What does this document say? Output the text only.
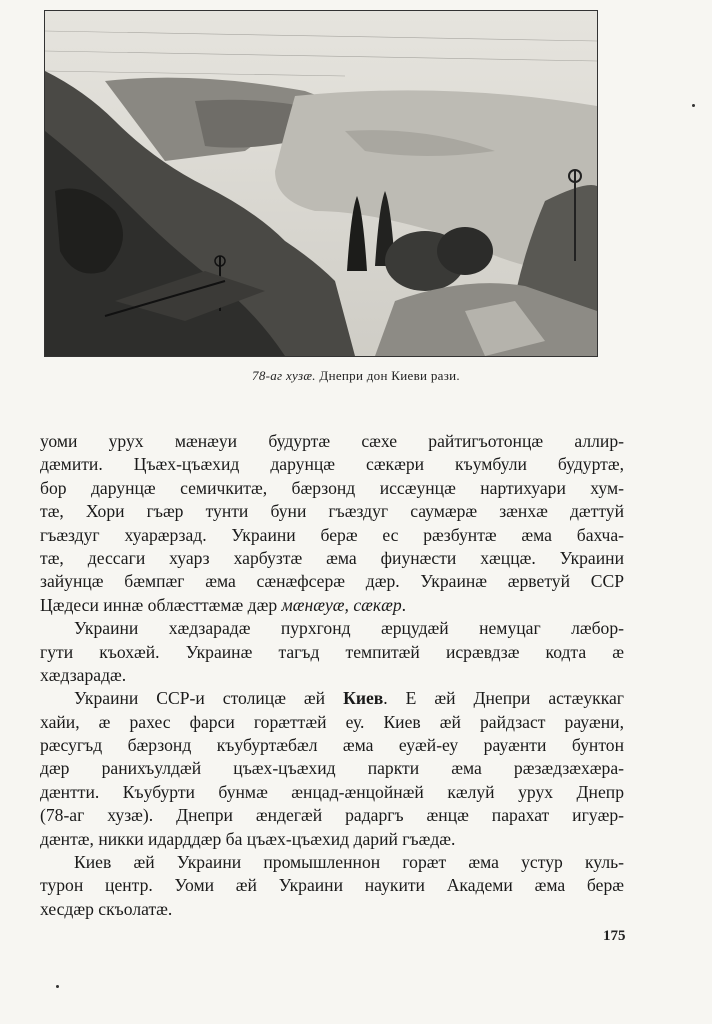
78-аг хузæ. Днепри дон Киеви рази.
уоми урух мæнæуи будуртæ сæхе райтигъотонцæ аллир-
дæмити. Цъæх-цъæхид дарунцæ сæкæри къумбули будуртæ,
бор дарунцæ семичкитæ, бæрзонд иссæунцæ нартихуари хум-
тæ, Хори гъæр тунти буни гъæздуг саумæрæ зæнхæ дæттуй
гъæздуг хуарæрзад. Украини берæ ес рæзбунтæ æма бахча-
тæ, дессаги хуарз харбузтæ æма фиунæсти хæццæ. Украини
зайунцæ бæмпæг æма сæнæфсерæ дæр. Украинæ æрветуй ССР
Цæдеси иннæ облæсттæмæ дæр мæнæуæ, сæкæр.
Украини хæдзарадæ пурхгонд æрцудæй немуцаг лæбор-
гути къохæй. Украинæ тагъд темпитæй исрæвдзæ кодта æ
хæдзарадæ.
Украини ССР-и столицæ æй Киев. Е æй Днепри астæуккаг
хайи, æ рахес фарси горæттæй еу. Киев æй райдзаст рауæни,
рæсугъд бæрзонд къубуртæбæл æма еуæй-еу рауæнти бунтон
дæр ранихъулдæй цъæх-цъæхид паркти æма рæзæдзæхæра-
дæнтти. Къубурти бунмæ æнцад-æнцойнæй кæлуй урух Днепр
(78-аг хузæ). Днепри æндегæй радаргъ æнцæ парахат игуæр-
дæнтæ, никки идарддæр ба цъæх-цъæхид дарий гъæдæ.
Киев æй Украини промышленнон горæт æма устур куль-
турон центр. Уоми æй Украини наукити Академи æма берæ
хесдæр скъолатæ.
175
